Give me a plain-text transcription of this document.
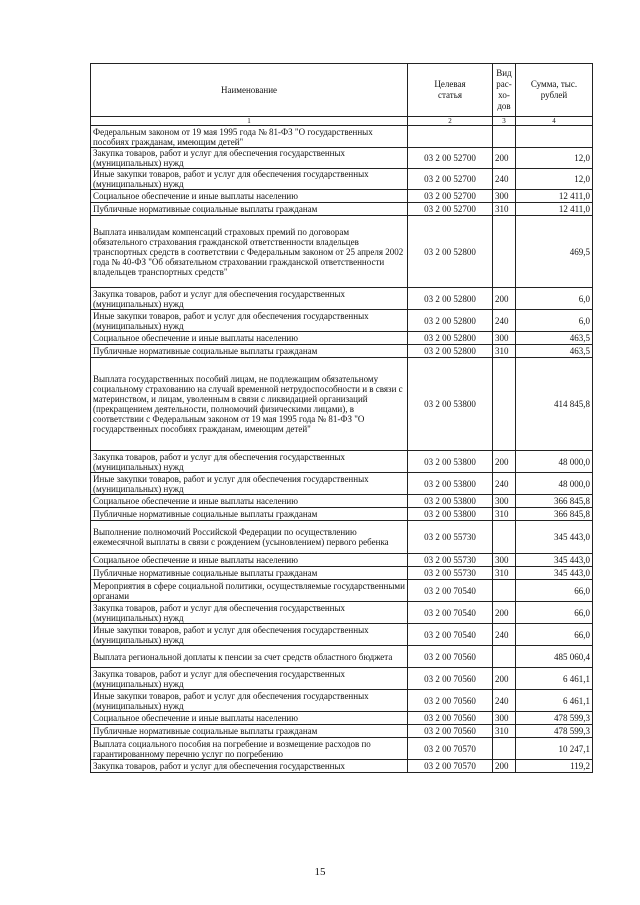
Наименование	Целевая статья	Вид рас- хо- дов	Сумма, тыс. рублей
1	2	3	4
Федеральным законом от 19 мая 1995 года № 81-ФЗ "О государственных пособиях гражданам, имеющим детей"			
Закупка товаров, работ и услуг для обеспечения государственных (муниципальных) нужд	03 2 00 52700	200	12,0
Иные закупки товаров, работ и услуг для обеспечения государственных (муниципальных) нужд	03 2 00 52700	240	12,0
Социальное обеспечение и иные выплаты населению	03 2 00 52700	300	12 411,0
Публичные нормативные социальные выплаты гражданам	03 2 00 52700	310	12 411,0
Выплата инвалидам компенсаций страховых премий по договорам обязательного страхования гражданской ответственности владельцев транспортных средств в соответствии с Федеральным законом от 25 апреля 2002 года № 40-ФЗ "Об обязательном страховании гражданской ответственности владельцев транспортных средств"	03 2 00 52800		469,5
Закупка товаров, работ и услуг для обеспечения государственных (муниципальных) нужд	03 2 00 52800	200	6,0
Иные закупки товаров, работ и услуг для обеспечения государственных (муниципальных) нужд	03 2 00 52800	240	6,0
Социальное обеспечение и иные выплаты населению	03 2 00 52800	300	463,5
Публичные нормативные социальные выплаты гражданам	03 2 00 52800	310	463,5
Выплата государственных пособий лицам, не подлежащим обязательному социальному страхованию на случай временной нетрудоспособности и в связи с материнством, и лицам, уволенным в связи с ликвидацией организаций (прекращением деятельности, полномочий физическими лицами), в соответствии с Федеральным законом от 19 мая 1995 года № 81-ФЗ "О государственных пособиях гражданам, имеющим детей"	03 2 00 53800		414 845,8
Закупка товаров, работ и услуг для обеспечения государственных (муниципальных) нужд	03 2 00 53800	200	48 000,0
Иные закупки товаров, работ и услуг для обеспечения государственных (муниципальных) нужд	03 2 00 53800	240	48 000,0
Социальное обеспечение и иные выплаты населению	03 2 00 53800	300	366 845,8
Публичные нормативные социальные выплаты гражданам	03 2 00 53800	310	366 845,8
Выполнение полномочий Российской Федерации по осуществлению ежемесячной выплаты в связи с рождением (усыновлением) первого ребенка	03 2 00 55730		345 443,0
Социальное обеспечение и иные выплаты населению	03 2 00 55730	300	345 443,0
Публичные нормативные социальные выплаты гражданам	03 2 00 55730	310	345 443,0
Мероприятия в сфере социальной политики, осуществляемые государственными органами	03 2 00 70540		66,0
Закупка товаров, работ и услуг для обеспечения государственных (муниципальных) нужд	03 2 00 70540	200	66,0
Иные закупки товаров, работ и услуг для обеспечения государственных (муниципальных) нужд	03 2 00 70540	240	66,0
Выплата региональной доплаты к пенсии за счет средств областного бюджета	03 2 00 70560		485 060,4
Закупка товаров, работ и услуг для обеспечения государственных (муниципальных) нужд	03 2 00 70560	200	6 461,1
Иные закупки товаров, работ и услуг для обеспечения государственных (муниципальных) нужд	03 2 00 70560	240	6 461,1
Социальное обеспечение и иные выплаты населению	03 2 00 70560	300	478 599,3
Публичные нормативные социальные выплаты гражданам	03 2 00 70560	310	478 599,3
Выплата социального пособия на погребение и возмещение расходов по гарантированному перечню услуг по погребению	03 2 00 70570		10 247,1
Закупка товаров, работ и услуг для обеспечения государственных	03 2 00 70570	200	119,2
15
